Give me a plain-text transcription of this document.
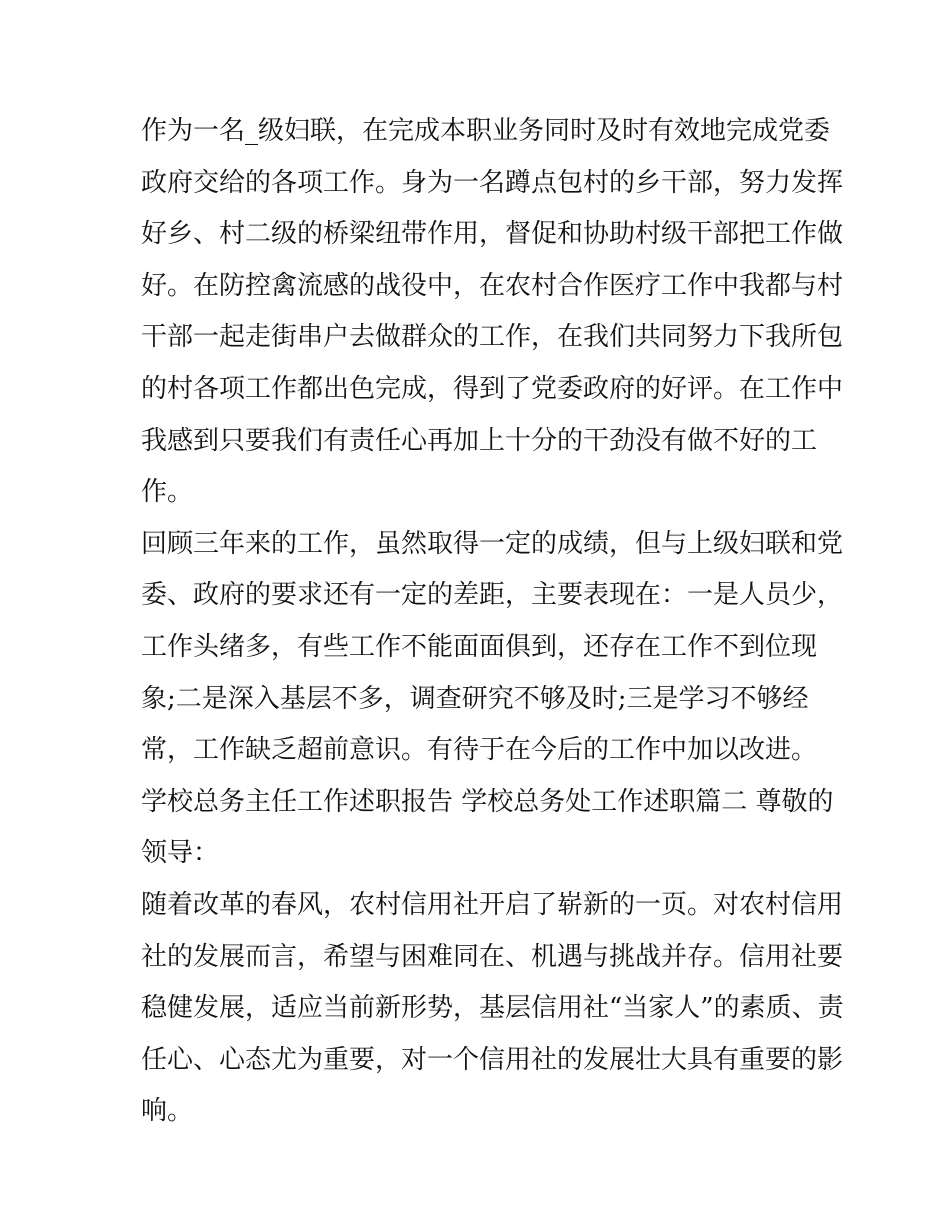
作为一名_级妇联，在完成本职业务同时及时有效地完成党委
政府交给的各项工作。身为一名蹲点包村的乡干部，努力发挥
好乡、村二级的桥梁纽带作用，督促和协助村级干部把工作做
好。在防控禽流感的战役中，在农村合作医疗工作中我都与村
干部一起走街串户去做群众的工作，在我们共同努力下我所包
的村各项工作都出色完成，得到了党委政府的好评。在工作中
我感到只要我们有责任心再加上十分的干劲没有做不好的工
作。
回顾三年来的工作，虽然取得一定的成绩，但与上级妇联和党
委、政府的要求还有一定的差距，主要表现在：一是人员少，
工作头绪多，有些工作不能面面俱到，还存在工作不到位现
象;二是深入基层不多，调查研究不够及时;三是学习不够经
常，工作缺乏超前意识。有待于在今后的工作中加以改进。
学校总务主任工作述职报告 学校总务处工作述职篇二 尊敬的
领导：
随着改革的春风，农村信用社开启了崭新的一页。对农村信用
社的发展而言，希望与困难同在、机遇与挑战并存。信用社要
稳健发展，适应当前新形势，基层信用社“当家人”的素质、责
任心、心态尤为重要，对一个信用社的发展壮大具有重要的影
响。
